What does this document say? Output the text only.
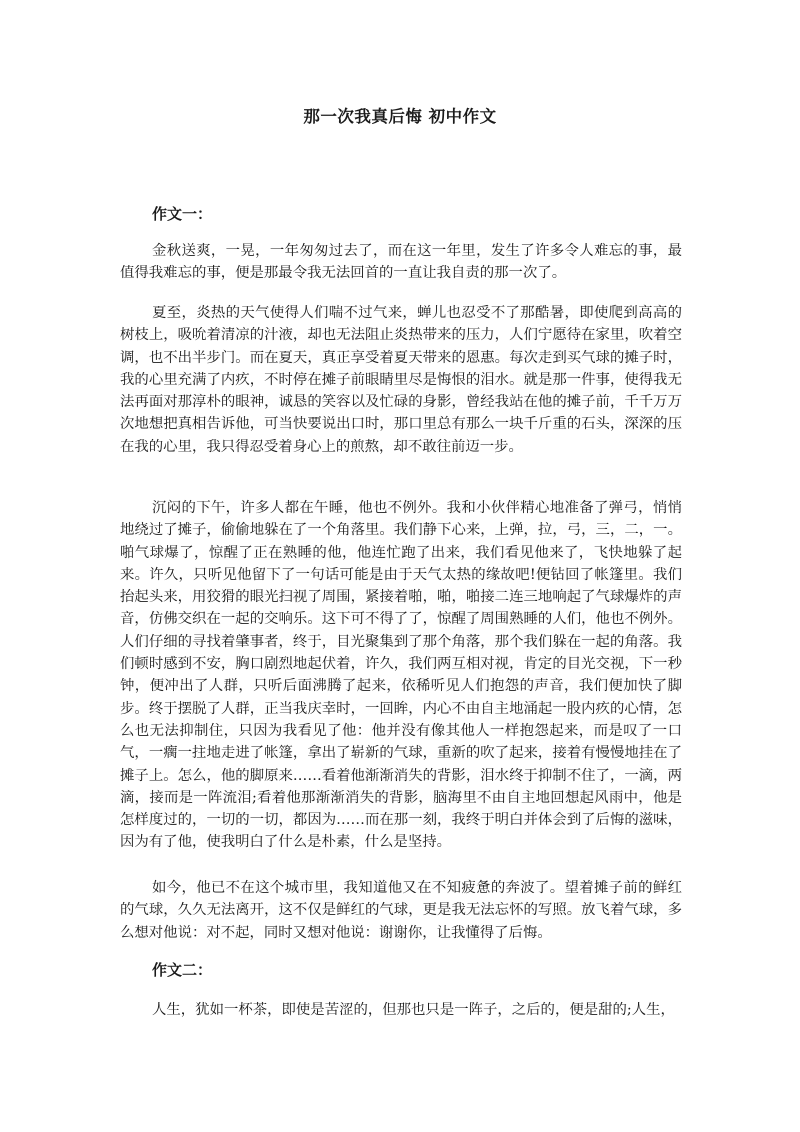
那一次我真后悔 初中作文
作文一：

金秋送爽，一晃，一年匆匆过去了，而在这一年里，发生了许多令人难忘的事，最值得我难忘的事，便是那最令我无法回首的一直让我自责的那一次了。

夏至，炎热的天气使得人们喘不过气来，蝉儿也忍受不了那酷暑，即使爬到高高的树枝上，吸吮着清凉的汁液，却也无法阻止炎热带来的压力，人们宁愿待在家里，吹着空调，也不出半步门。而在夏天，真正享受着夏天带来的恩惠。每次走到买气球的摊子时，我的心里充满了内疚，不时停在摊子前眼睛里尽是悔恨的泪水。就是那一件事，使得我无法再面对那淳朴的眼神，诚恳的笑容以及忙碌的身影，曾经我站在他的摊子前，千千万万次地想把真相告诉他，可当快要说出口时，那口里总有那么一块千斤重的石头，深深的压在我的心里，我只得忍受着身心上的煎熬，却不敢往前迈一步。

沉闷的下午，许多人都在午睡，他也不例外。我和小伙伴精心地准备了弹弓，悄悄地绕过了摊子，偷偷地躲在了一个角落里。我们静下心来，上弹，拉，弓，三，二，一。啪气球爆了，惊醒了正在熟睡的他，他连忙跑了出来，我们看见他来了，飞快地躲了起来。许久，只听见他留下了一句话可能是由于天气太热的缘故吧!便钻回了帐篷里。我们抬起头来，用狡猾的眼光扫视了周围，紧接着啪，啪，啪接二连三地响起了气球爆炸的声音，仿佛交织在一起的交响乐。这下可不得了了，惊醒了周围熟睡的人们，他也不例外。人们仔细的寻找着肇事者，终于，目光聚集到了那个角落，那个我们躲在一起的角落。我们顿时感到不安，胸口剧烈地起伏着，许久，我们两互相对视，肯定的目光交视，下一秒钟，便冲出了人群，只听后面沸腾了起来，依稀听见人们抱怨的声音，我们便加快了脚步。终于摆脱了人群，正当我庆幸时，一回眸，内心不由自主地涌起一股内疚的心情，怎么也无法抑制住，只因为我看见了他：他并没有像其他人一样抱怨起来，而是叹了一口气，一瘸一拄地走进了帐篷，拿出了崭新的气球，重新的吹了起来，接着有慢慢地挂在了摊子上。怎么，他的脚原来……看着他渐渐消失的背影，泪水终于抑制不住了，一滴，两滴，接而是一阵流泪;看着他那渐渐消失的背影，脑海里不由自主地回想起风雨中，他是怎样度过的，一切的一切，都因为……而在那一刻，我终于明白并体会到了后悔的滋味，因为有了他，使我明白了什么是朴素，什么是坚持。

如今，他已不在这个城市里，我知道他又在不知疲惫的奔波了。望着摊子前的鲜红的气球，久久无法离开，这不仅是鲜红的气球，更是我无法忘怀的写照。放飞着气球，多么想对他说：对不起，同时又想对他说：谢谢你，让我懂得了后悔。

作文二：

人生，犹如一杯茶，即使是苦涩的，但那也只是一阵子，之后的，便是甜的;人生，
